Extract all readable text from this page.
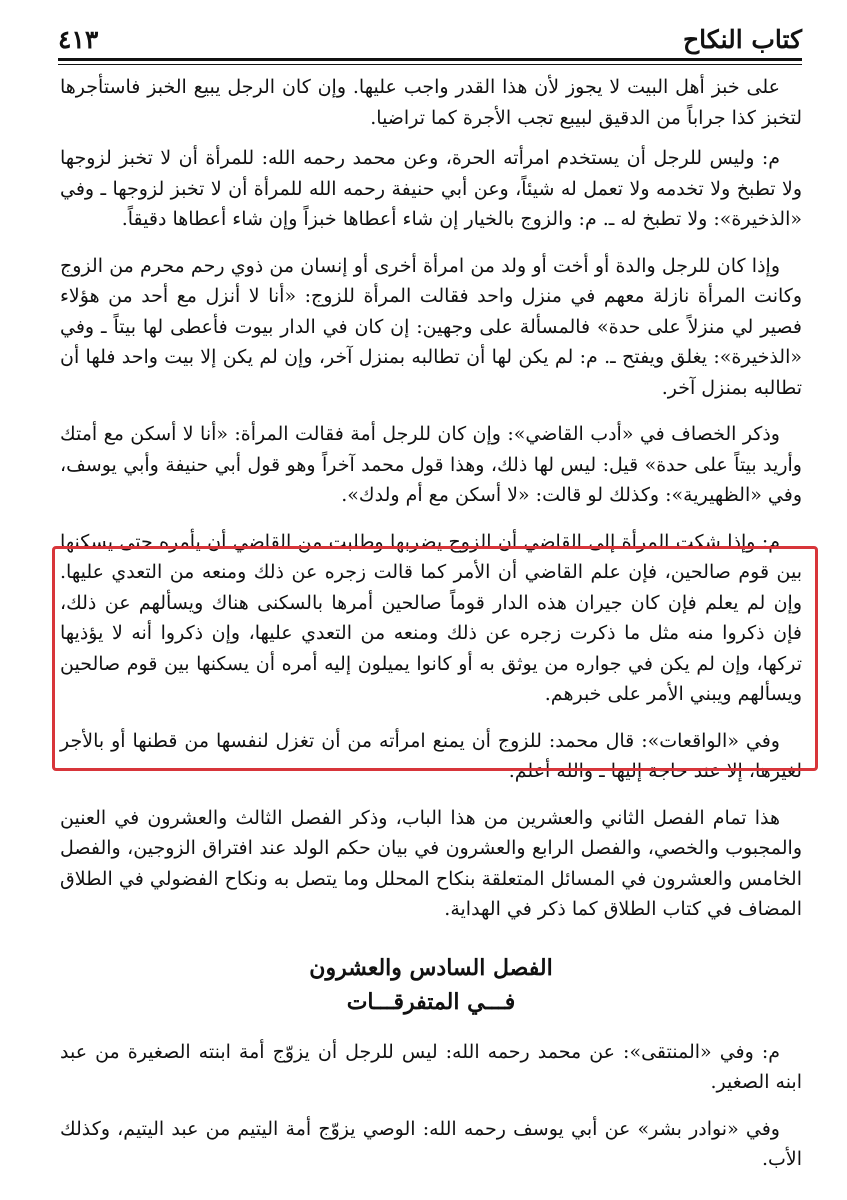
كتاب النكاح
٤١٣

على خبز أهل البيت لا يجوز لأن هذا القدر واجب عليها. وإن كان الرجل يبيع الخبز فاستأجرها لتخبز كذا جراباً من الدقيق لبيبع تجب الأجرة كما تراضيا.

م: وليس للرجل أن يستخدم امرأته الحرة، وعن محمد رحمه الله: للمرأة أن لا تخبز لزوجها ولا تطبخ ولا تخدمه ولا تعمل له شيئاً، وعن أبي حنيفة رحمه الله للمرأة أن لا تخبز لزوجها ـ وفي «الذخيرة»: ولا تطبخ له ـ. م: والزوج بالخيار إن شاء أعطاها خبزاً وإن شاء أعطاها دقيقاً.

وإذا كان للرجل والدة أو أخت أو ولد من امرأة أخرى أو إنسان من ذوي رحم محرم من الزوج وكانت المرأة نازلة معهم في منزل واحد فقالت المرأة للزوج: «أنا لا أنزل مع أحد من هؤلاء فصير لي منزلاً على حدة» فالمسألة على وجهين: إن كان في الدار بيوت فأعطى لها بيتاً ـ وفي «الذخيرة»: يغلق ويفتح ـ. م: لم يكن لها أن تطالبه بمنزل آخر، وإن لم يكن إلا بيت واحد فلها أن تطالبه بمنزل آخر.

وذكر الخصاف في «أدب القاضي»: وإن كان للرجل أمة فقالت المرأة: «أنا لا أسكن مع أمتك وأريد بيتاً على حدة» قيل: ليس لها ذلك، وهذا قول محمد آخراً وهو قول أبي حنيفة وأبي يوسف، وفي «الظهيرية»: وكذلك لو قالت: «لا أسكن مع أم ولدك».

م: وإذا شكت المرأة إلى القاضي أن الزوج يضربها وطلبت من القاضي أن يأمره حتى يسكنها بين قوم صالحين، فإن علم القاضي أن الأمر كما قالت زجره عن ذلك ومنعه من التعدي عليها. وإن لم يعلم فإن كان جيران هذه الدار قوماً صالحين أمرها بالسكنى هناك ويسألهم عن ذلك، فإن ذكروا منه مثل ما ذكرت زجره عن ذلك ومنعه من التعدي عليها، وإن ذكروا أنه لا يؤذيها تركها، وإن لم يكن في جواره من يوثق به أو كانوا يميلون إليه أمره أن يسكنها بين قوم صالحين ويسألهم ويبني الأمر على خبرهم.

وفي «الواقعات»: قال محمد: للزوج أن يمنع امرأته من أن تغزل لنفسها من قطنها أو بالأجر لغيرها، إلا عند حاجة إليها ـ والله أعلم.

هذا تمام الفصل الثاني والعشرين من هذا الباب، وذكر الفصل الثالث والعشرون في العنين والمجبوب والخصي، والفصل الرابع والعشرون في بيان حكم الولد عند افتراق الزوجين، والفصل الخامس والعشرون في المسائل المتعلقة بنكاح المحلل وما يتصل به ونكاح الفضولي في الطلاق المضاف في كتاب الطلاق كما ذكر في الهداية.

الفصل السادس والعشرون
فـــي المتفرقـــات

م: وفي «المنتقى»: عن محمد رحمه الله: ليس للرجل أن يزوّج أمة ابنته الصغيرة من عبد ابنه الصغير.

وفي «نوادر بشر» عن أبي يوسف رحمه الله: الوصي يزوّج أمة اليتيم من عبد اليتيم، وكذلك الأب.
